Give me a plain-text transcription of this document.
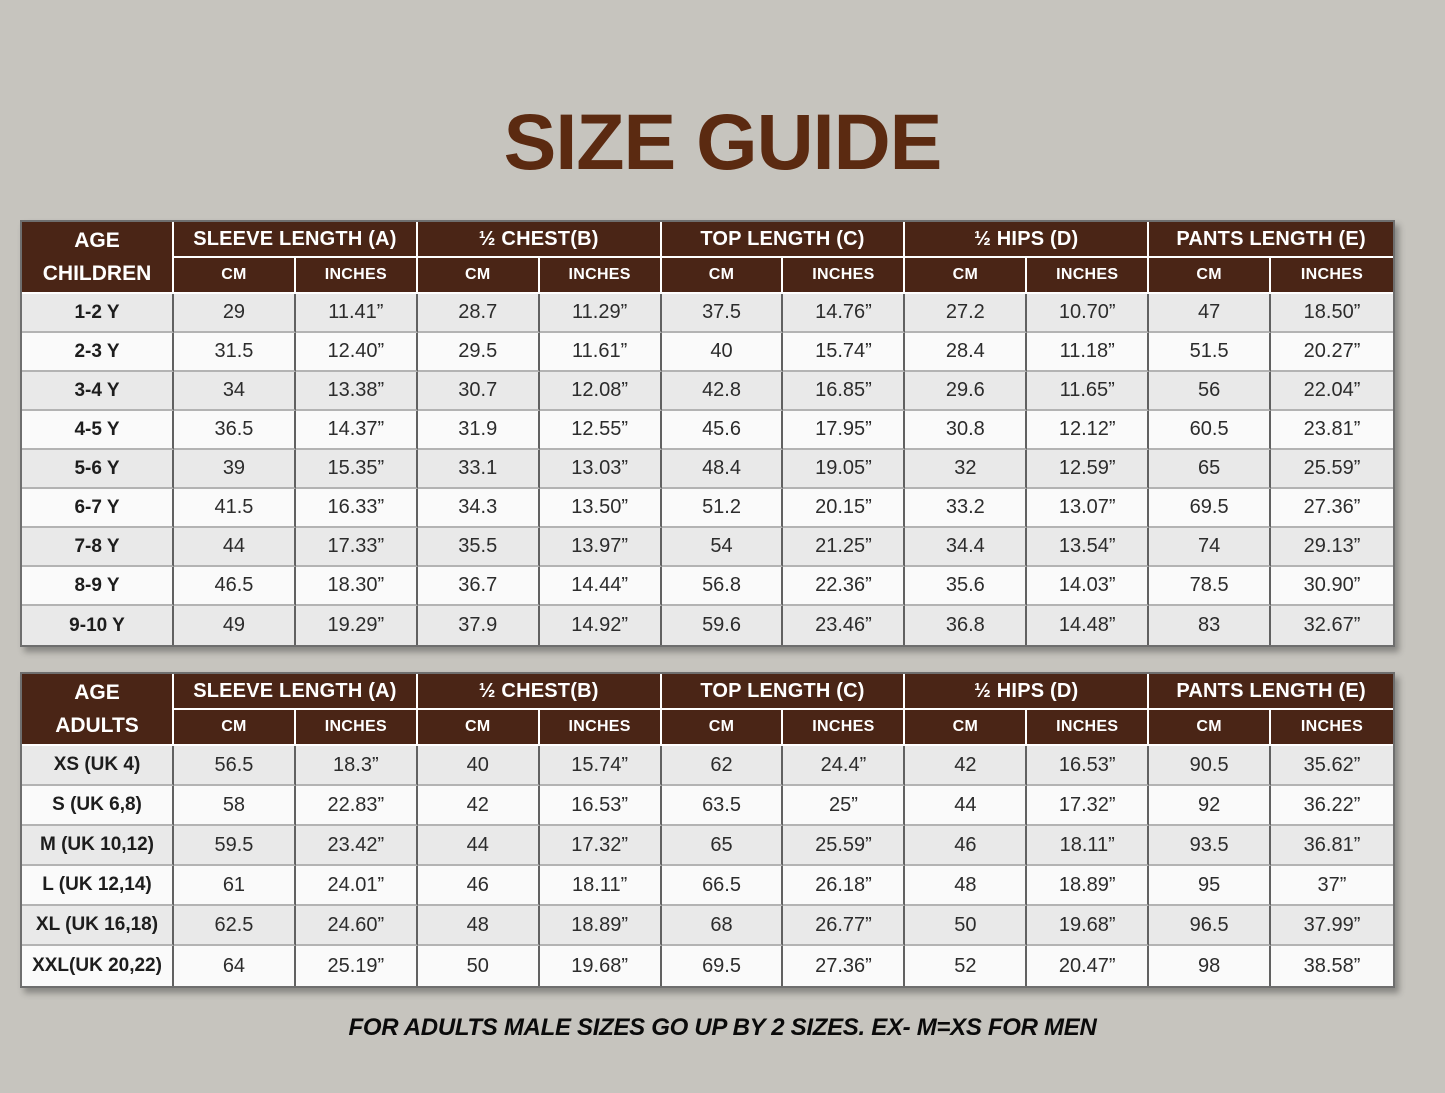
SIZE GUIDE
AGE
CHILDREN	SLEEVE LENGTH (A)		½ CHEST(B)		TOP LENGTH (C)		½ HIPS (D)		PANTS LENGTH (E)	
	CM	INCHES	CM	INCHES	CM	INCHES	CM	INCHES	CM	INCHES
1-2 Y	29	11.41”	28.7	11.29”	37.5	14.76”	27.2	10.70”	47	18.50”
2-3 Y	31.5	12.40”	29.5	11.61”	40	15.74”	28.4	11.18”	51.5	20.27”
3-4 Y	34	13.38”	30.7	12.08”	42.8	16.85”	29.6	11.65”	56	22.04”
4-5 Y	36.5	14.37”	31.9	12.55”	45.6	17.95”	30.8	12.12”	60.5	23.81”
5-6 Y	39	15.35”	33.1	13.03”	48.4	19.05”	32	12.59”	65	25.59”
6-7 Y	41.5	16.33”	34.3	13.50”	51.2	20.15”	33.2	13.07”	69.5	27.36”
7-8 Y	44	17.33”	35.5	13.97”	54	21.25”	34.4	13.54”	74	29.13”
8-9 Y	46.5	18.30”	36.7	14.44”	56.8	22.36”	35.6	14.03”	78.5	30.90”
9-10 Y	49	19.29”	37.9	14.92”	59.6	23.46”	36.8	14.48”	83	32.67”
AGE
ADULTS	SLEEVE LENGTH (A)		½ CHEST(B)		TOP LENGTH (C)		½ HIPS (D)		PANTS LENGTH (E)	
	CM	INCHES	CM	INCHES	CM	INCHES	CM	INCHES	CM	INCHES
XS (UK 4)	56.5	18.3”	40	15.74”	62	24.4”	42	16.53”	90.5	35.62”
S (UK 6,8)	58	22.83”	42	16.53”	63.5	25”	44	17.32”	92	36.22”
M (UK 10,12)	59.5	23.42”	44	17.32”	65	25.59”	46	18.11”	93.5	36.81”
L (UK 12,14)	61	24.01”	46	18.11”	66.5	26.18”	48	18.89”	95	37”
XL (UK 16,18)	62.5	24.60”	48	18.89”	68	26.77”	50	19.68”	96.5	37.99”
XXL(UK 20,22)	64	25.19”	50	19.68”	69.5	27.36”	52	20.47”	98	38.58”

FOR ADULTS MALE SIZES GO UP BY 2 SIZES. EX- M=XS FOR MEN
